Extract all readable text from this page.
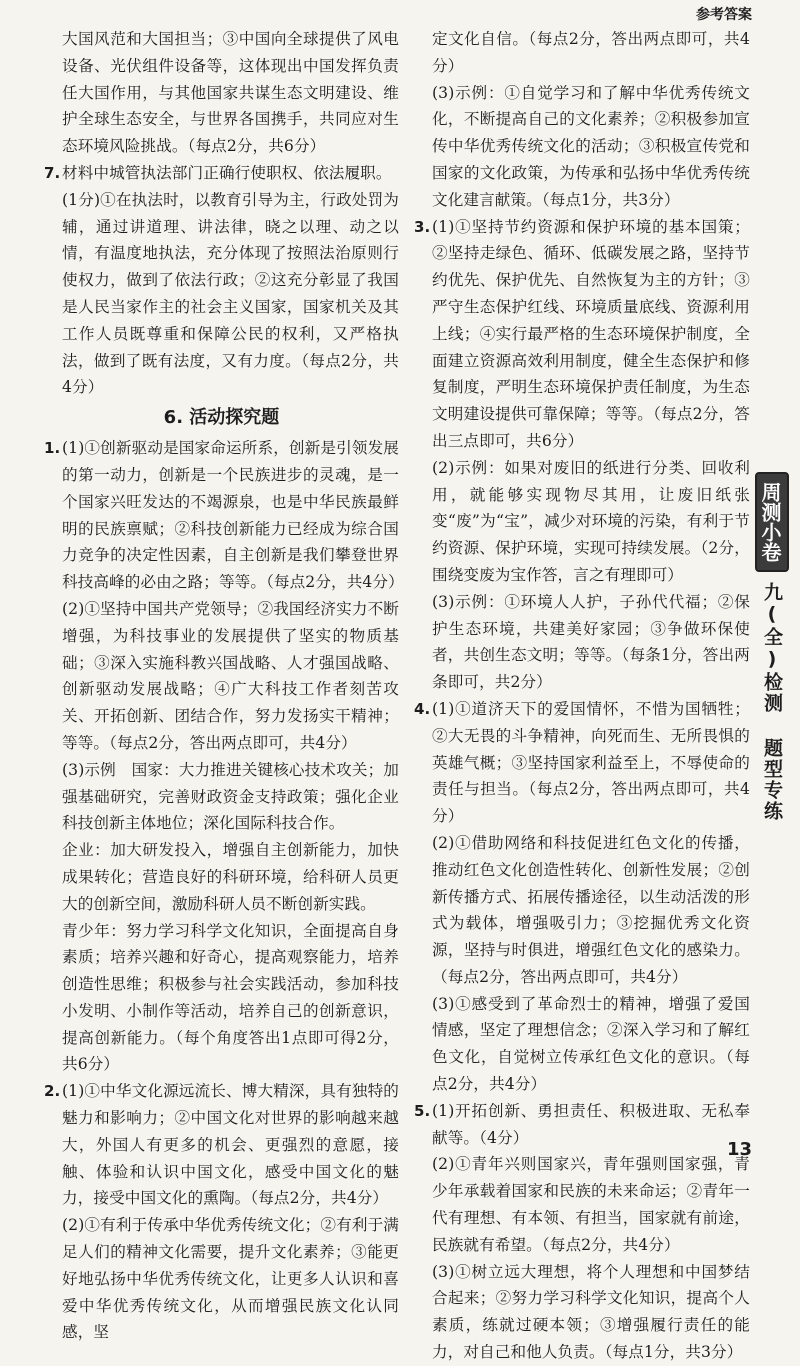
参考答案

大国风范和大国担当；③中国向全球提供了风电设备、光伏组件设备等，这体现出中国发挥负责任大国作用，与其他国家共谋生态文明建设、维护全球生态安全，与世界各国携手，共同应对生态环境风险挑战。（每点2分，共6分）

7. 材料中城管执法部门正确行使职权、依法履职。

(1分)①在执法时，以教育引导为主，行政处罚为辅，通过讲道理、讲法律，晓之以理、动之以情，有温度地执法，充分体现了按照法治原则行使权力，做到了依法行政；②这充分彰显了我国是人民当家作主的社会主义国家，国家机关及其工作人员既尊重和保障公民的权利，又严格执法，做到了既有法度，又有力度。（每点2分，共4分）

6. 活动探究题

1. (1)①创新驱动是国家命运所系，创新是引领发展的第一动力，创新是一个民族进步的灵魂，是一个国家兴旺发达的不竭源泉，也是中华民族最鲜明的民族禀赋；②科技创新能力已经成为综合国力竞争的决定性因素，自主创新是我们攀登世界科技高峰的必由之路；等等。（每点2分，共4分）

(2)①坚持中国共产党领导；②我国经济实力不断增强，为科技事业的发展提供了坚实的物质基础；③深入实施科教兴国战略、人才强国战略、创新驱动发展战略；④广大科技工作者刻苦攻关、开拓创新、团结合作，努力发扬实干精神；等等。（每点2分，答出两点即可，共4分）

(3)示例　国家：大力推进关键核心技术攻关；加强基础研究，完善财政资金支持政策；强化企业科技创新主体地位；深化国际科技合作。

企业：加大研发投入，增强自主创新能力，加快成果转化；营造良好的科研环境，给科研人员更大的创新空间，激励科研人员不断创新实践。

青少年：努力学习科学文化知识，全面提高自身素质；培养兴趣和好奇心，提高观察能力，培养创造性思维；积极参与社会实践活动，参加科技小发明、小制作等活动，培养自己的创新意识，提高创新能力。（每个角度答出1点即可得2分，共6分）

2. (1)①中华文化源远流长、博大精深，具有独特的魅力和影响力；②中国文化对世界的影响越来越大，外国人有更多的机会、更强烈的意愿，接触、体验和认识中国文化，感受中国文化的魅力，接受中国文化的熏陶。（每点2分，共4分）

(2)①有利于传承中华优秀传统文化；②有利于满足人们的精神文化需要，提升文化素养；③能更好地弘扬中华优秀传统文化，让更多人认识和喜爱中华优秀传统文化，从而增强民族文化认同感，坚

定文化自信。（每点2分，答出两点即可，共4分）

(3)示例：①自觉学习和了解中华优秀传统文化，不断提高自己的文化素养；②积极参加宣传中华优秀传统文化的活动；③积极宣传党和国家的文化政策，为传承和弘扬中华优秀传统文化建言献策。（每点1分，共3分）

3. (1)①坚持节约资源和保护环境的基本国策；②坚持走绿色、循环、低碳发展之路，坚持节约优先、保护优先、自然恢复为主的方针；③严守生态保护红线、环境质量底线、资源利用上线；④实行最严格的生态环境保护制度，全面建立资源高效利用制度，健全生态保护和修复制度，严明生态环境保护责任制度，为生态文明建设提供可靠保障；等等。（每点2分，答出三点即可，共6分）

(2)示例：如果对废旧的纸进行分类、回收利用，就能够实现物尽其用，让废旧纸张变“废”为“宝”，减少对环境的污染，有利于节约资源、保护环境，实现可持续发展。（2分，围绕变废为宝作答，言之有理即可）

(3)示例：①环境人人护，子孙代代福；②保护生态环境，共建美好家园；③争做环保使者，共创生态文明；等等。（每条1分，答出两条即可，共2分）

4. (1)①道济天下的爱国情怀，不惜为国牺牲；②大无畏的斗争精神，向死而生、无所畏惧的英雄气概；③坚持国家利益至上，不辱使命的责任与担当。（每点2分，答出两点即可，共4分）

(2)①借助网络和科技促进红色文化的传播，推动红色文化创造性转化、创新性发展；②创新传播方式、拓展传播途径，以生动活泼的形式为载体，增强吸引力；③挖掘优秀文化资源，坚持与时俱进，增强红色文化的感染力。（每点2分，答出两点即可，共4分）

(3)①感受到了革命烈士的精神，增强了爱国情感，坚定了理想信念；②深入学习和了解红色文化，自觉树立传承红色文化的意识。（每点2分，共4分）

5. (1)开拓创新、勇担责任、积极进取、无私奉献等。（4分）

(2)①青年兴则国家兴，青年强则国家强，青少年承载着国家和民族的未来命运；②青年一代有理想、有本领、有担当，国家就有前途，民族就有希望。（每点2分，共4分）

(3)①树立远大理想，将个人理想和中国梦结合起来；②努力学习科学文化知识，提高个人素质，练就过硬本领；③增强履行责任的能力，对自己和他人负责。（每点1分，共3分）

周测小卷
九(全)检测 题型专练
13
